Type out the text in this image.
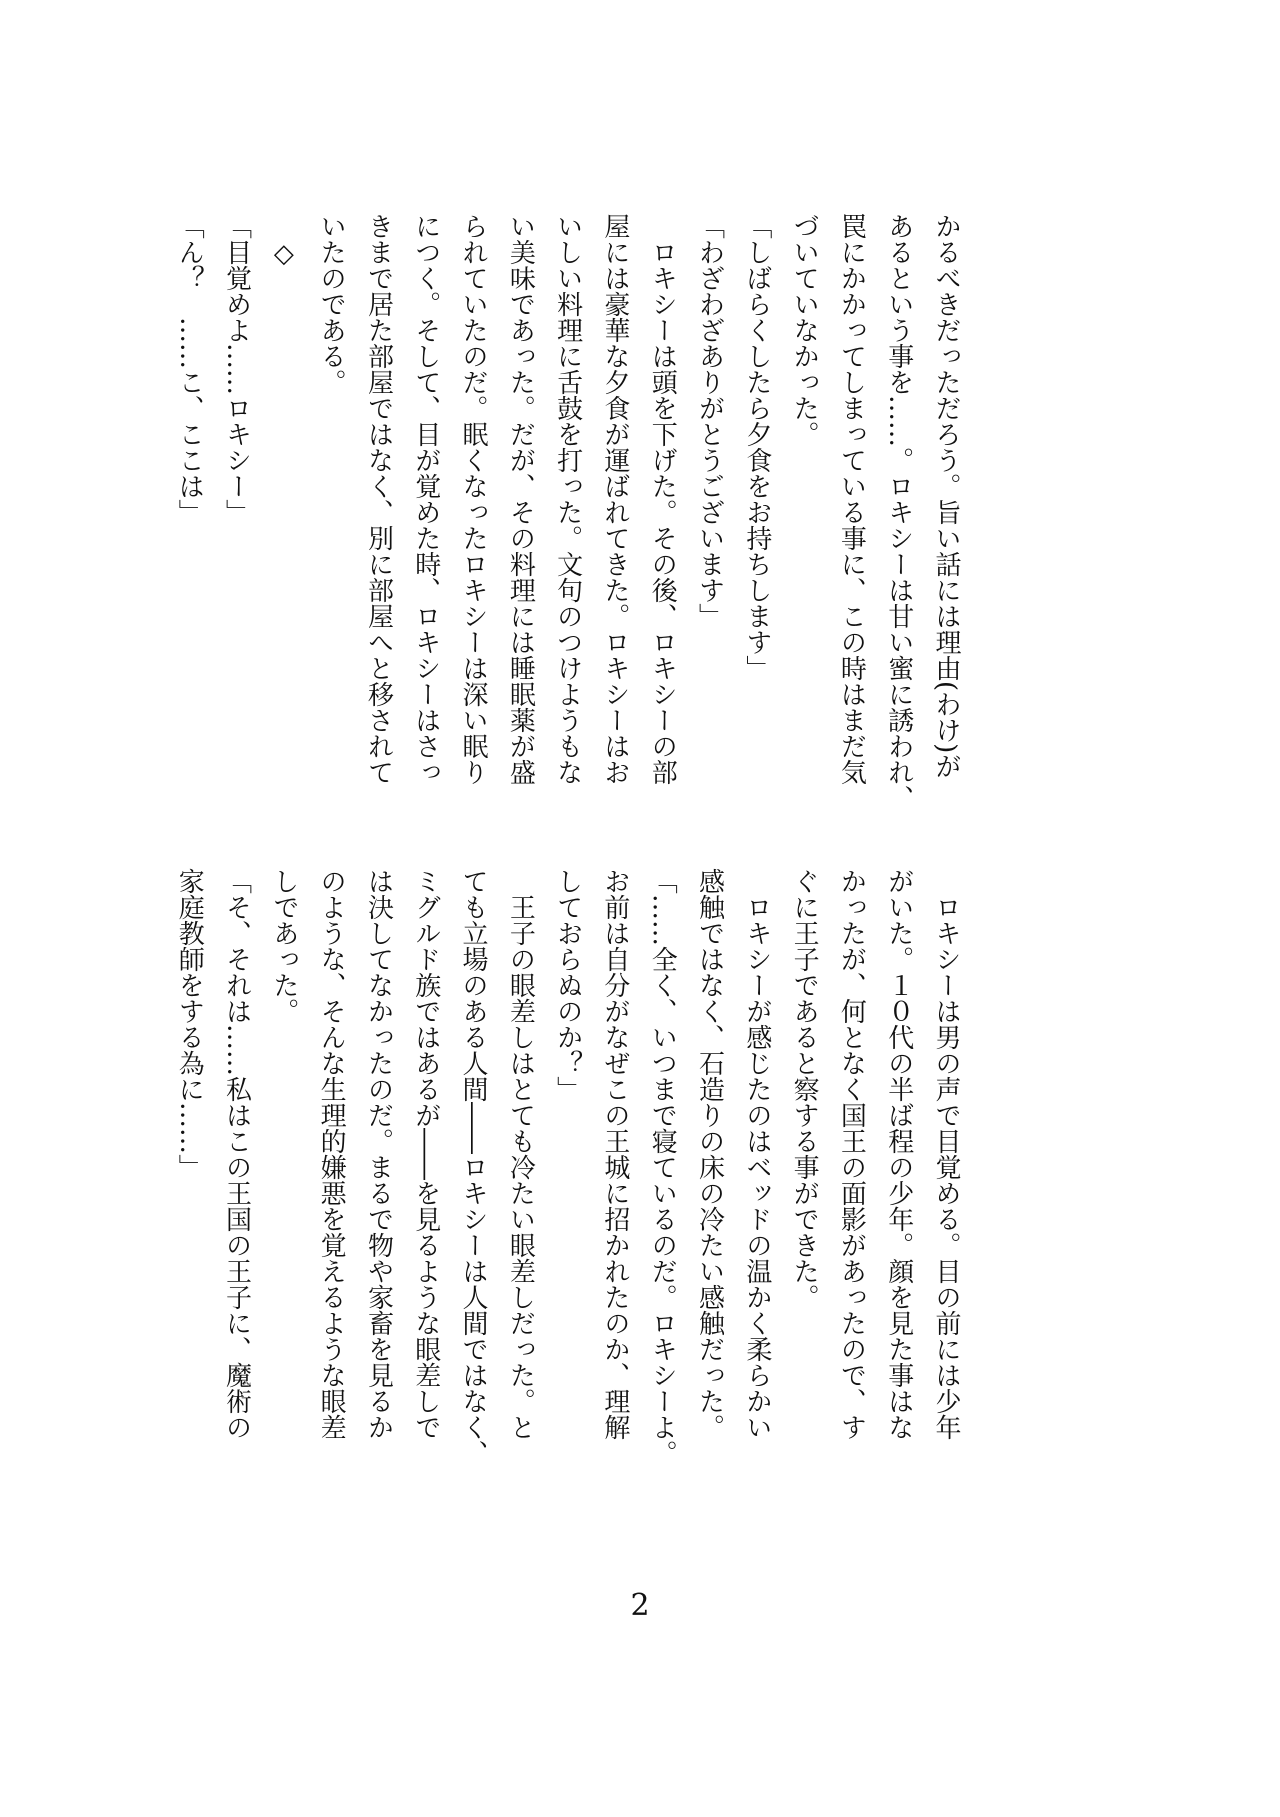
かるべきだっただろう。旨い話には理由(わけ)が
あるという事を……。ロキシーは甘い蜜に誘われ、
罠にかかってしまっている事に、この時はまだ気
づいていなかった。
「しばらくしたら夕食をお持ちします」
「わざわざありがとうございます」
　ロキシーは頭を下げた。その後、ロキシーの部
屋には豪華な夕食が運ばれてきた。ロキシーはお
いしい料理に舌鼓を打った。文句のつけようもな
い美味であった。だが、その料理には睡眠薬が盛
られていたのだ。眠くなったロキシーは深い眠り
につく。そして、目が覚めた時、ロキシーはさっ
きまで居た部屋ではなく、別に部屋へと移されて
いたのである。
　◇
「目覚めよ……ロキシー」
「ん？　……こ、ここは」
　ロキシーは男の声で目覚める。目の前には少年
がいた。１０代の半ば程の少年。顔を見た事はな
かったが、何となく国王の面影があったので、す
ぐに王子であると察する事ができた。
　ロキシーが感じたのはベッドの温かく柔らかい
感触ではなく、石造りの床の冷たい感触だった。
「……全く、いつまで寝ているのだ。ロキシーよ。
お前は自分がなぜこの王城に招かれたのか、理解
しておらぬのか？」
　王子の眼差しはとても冷たい眼差しだった。と
ても立場のある人間――ロキシーは人間ではなく、
ミグルド族ではあるが――を見るような眼差しで
は決してなかったのだ。まるで物や家畜を見るか
のような、そんな生理的嫌悪を覚えるような眼差
しであった。
「そ、それは……私はこの王国の王子に、魔術の
家庭教師をする為に……」
2
